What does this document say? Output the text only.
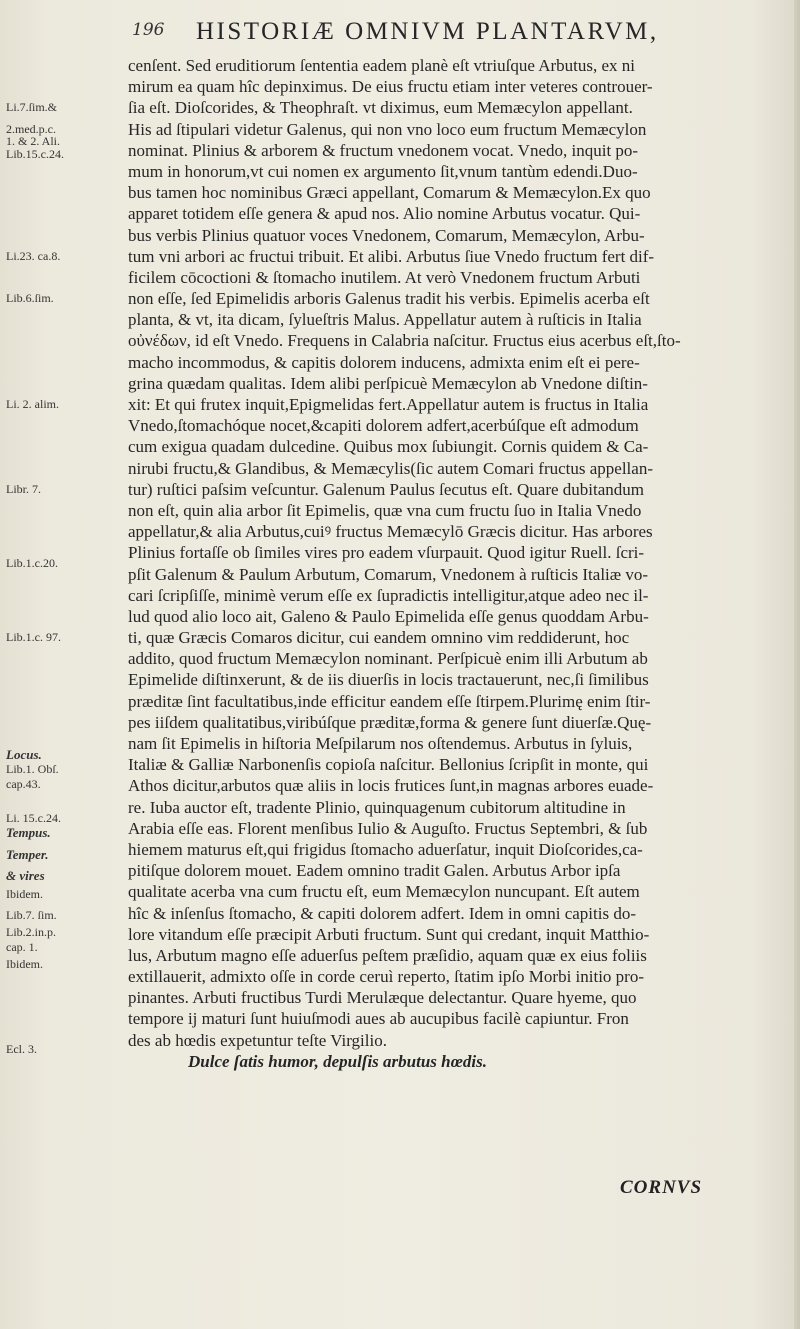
196 HISTORIÆ OMNIVM PLANTARVM,
Li.7.ſim.&
2.med.p.c.
1. & 2. Ali.
Lib.15.c.24.
Li.23. ca.8.
Lib.6.ſim.
Li. 2. alim.
Libr. 7.
Lib.1.c.20.
Lib.1.c. 97.
Locus.
Lib.1. Obſ.
cap.43.
Li. 15.c.24.
Tempus.
Temper.
& vires
Ibidem.
Lib.7. ſim.
Lib.2.in.p.
cap. 1.
Ibidem.
Ecl. 3.
cenſent. Sed eruditiorum ſententia eadem planè eſt vtriuſque Arbutus, ex ni
mirum ea quam hîc depinximus. De eius fructu etiam inter veteres controuer-
ſia eſt. Dioſcorides, & Theophraſt. vt diximus, eum Memæcylon appellant.
His ad ſtipulari videtur Galenus, qui non vno loco eum fructum Memæcylon
nominat. Plinius & arborem & fructum vnedonem vocat. Vnedo, inquit po-
mum in honorum,vt cui nomen ex argumento ſit,vnum tantùm edendi.Duo-
bus tamen hoc nominibus Græci appellant, Comarum & Memæcylon.Ex quo
apparet totidem eſſe genera & apud nos. Alio nomine Arbutus vocatur. Qui-
bus verbis Plinius quatuor voces Vnedonem, Comarum, Memæcylon, Arbu-
tum vni arbori ac fructui tribuit. Et alibi. Arbutus ſiue Vnedo fructum fert dif-
ficilem cōcoctioni & ſtomacho inutilem. At verò Vnedonem fructum Arbuti
non eſſe, ſed Epimelidis arboris Galenus tradit his verbis. Epimelis acerba eſt
planta, & vt, ita dicam, ſylueſtris Malus. Appellatur autem à ruſticis in Italia
οὐνέδων, id eſt Vnedo. Frequens in Calabria naſcitur. Fructus eius acerbus eſt,ſto-
macho incommodus, & capitis dolorem inducens, admixta enim eſt ei pere-
grina quædam qualitas. Idem alibi perſpicuè Memæcylon ab Vnedone diſtin-
xit: Et qui frutex inquit,Epigmelidas fert.Appellatur autem is fructus in Italia
Vnedo,ſtomachóque nocet,&capiti dolorem adfert,acerbúſque eſt admodum
cum exigua quadam dulcedine. Quibus mox ſubiungit. Cornis quidem & Ca-
nirubi fructu,& Glandibus, & Memæcylis(ſic autem Comari fructus appellan-
tur) ruſtici paſsim veſcuntur. Galenum Paulus ſecutus eſt. Quare dubitandum
non eſt, quin alia arbor ſit Epimelis, quæ vna cum fructu ſuo in Italia Vnedo
appellatur,& alia Arbutus,cuiꝰ fructus Memæcylō Græcis dicitur. Has arbores
Plinius fortaſſe ob ſimiles vires pro eadem vſurpauit. Quod igitur Ruell. ſcri-
pſit Galenum & Paulum Arbutum, Comarum, Vnedonem à ruſticis Italiæ vo-
cari ſcripſiſſe, minimè verum eſſe ex ſupradictis intelligitur,atque adeo nec il-
lud quod alio loco ait, Galeno & Paulo Epimelida eſſe genus quoddam Arbu-
ti, quæ Græcis Comaros dicitur, cui eandem omnino vim reddiderunt, hoc
addito, quod fructum Memæcylon nominant. Perſpicuè enim illi Arbutum ab
Epimelide diſtinxerunt, & de iis diuerſis in locis tractauerunt, nec,ſi ſimilibus
præditæ ſint facultatibus,inde efficitur eandem eſſe ſtirpem.Plurimę enim ſtir-
pes iiſdem qualitatibus,viribúſque præditæ,forma & genere ſunt diuerſæ.Quę-
nam ſit Epimelis in hiſtoria Meſpilarum nos oſtendemus. Arbutus in ſyluis,
Italiæ & Galliæ Narbonenſis copioſa naſcitur. Bellonius ſcripſit in monte, qui
Athos dicitur,arbutos quæ aliis in locis frutices ſunt,in magnas arbores euade-
re. Iuba auctor eſt, tradente Plinio, quinquagenum cubitorum altitudine in
Arabia eſſe eas. Florent menſibus Iulio & Auguſto. Fructus Septembri, & ſub
hiemem maturus eſt,qui frigidus ſtomacho aduerſatur, inquit Dioſcorides,ca-
pitiſque dolorem mouet. Eadem omnino tradit Galen. Arbutus Arbor ipſa
qualitate acerba vna cum fructu eſt, eum Memæcylon nuncupant. Eſt autem
hîc & inſenſus ſtomacho, & capiti dolorem adfert. Idem in omni capitis do-
lore vitandum eſſe præcipit Arbuti fructum. Sunt qui credant, inquit Matthio-
lus, Arbutum magno eſſe aduerſus peſtem præſidio, aquam quæ ex eius foliis
extillauerit, admixto oſſe in corde ceruì reperto, ſtatim ipſo Morbi initio pro-
pinantes. Arbuti fructibus Turdi Merulæque delectantur. Quare hyeme, quo
tempore ij maturi ſunt huiuſmodi aues ab aucupibus facilè capiuntur. Fron
des ab hœdis expetuntur teſte Virgilio.
Dulce ſatis humor, depulſis arbutus hœdis.
CORNVS
